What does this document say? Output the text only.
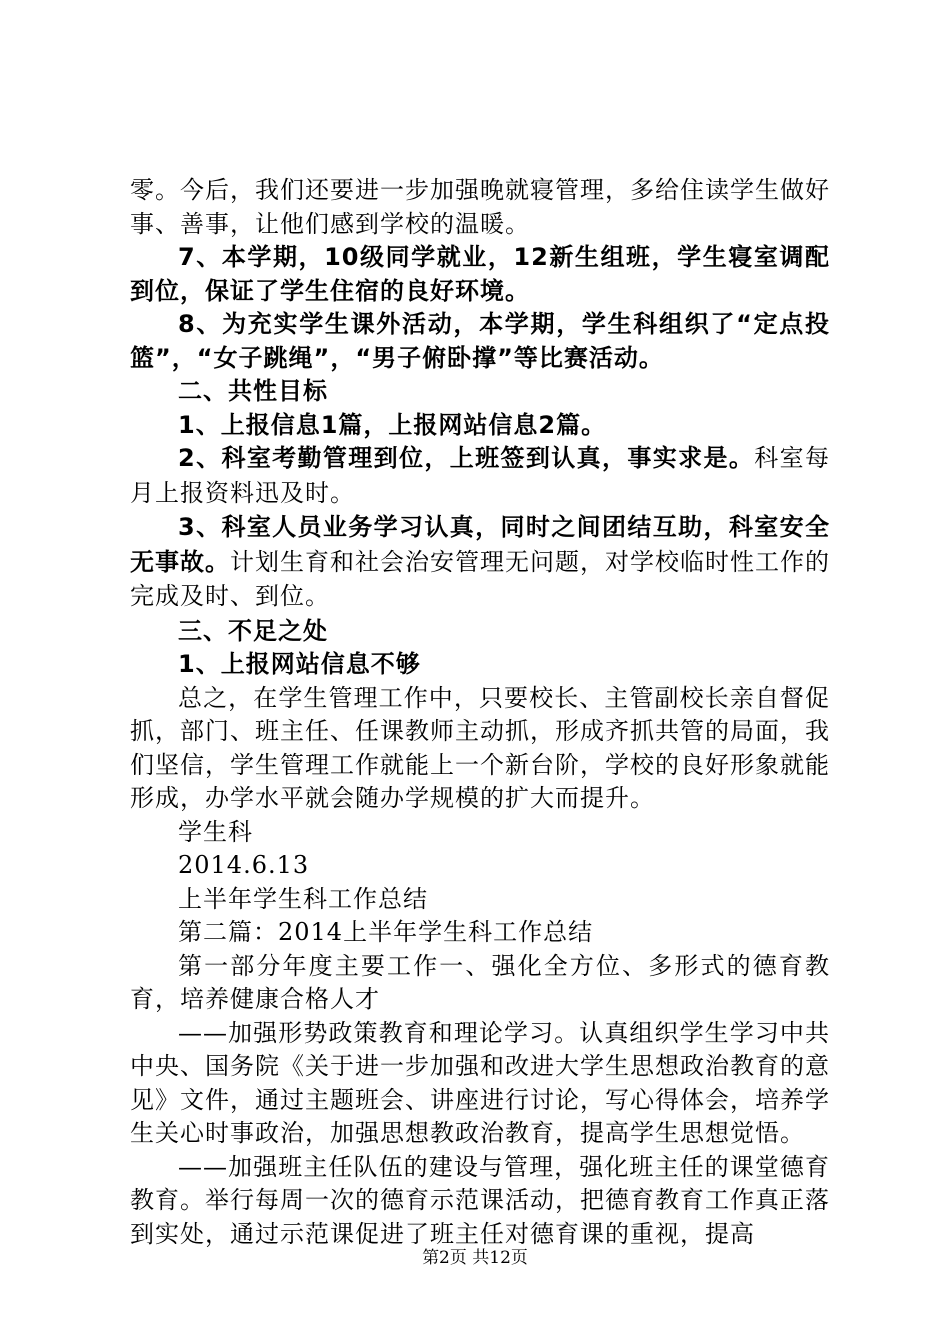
零。今后，我们还要进一步加强晚就寝管理，多给住读学生做好事、善事，让他们感到学校的温暖。

7、本学期，10级同学就业，12新生组班，学生寝室调配到位，保证了学生住宿的良好环境。

8、为充实学生课外活动，本学期，学生科组织了“定点投篮”，“女子跳绳”，“男子俯卧撑”等比赛活动。

二、共性目标

1、上报信息1篇，上报网站信息2篇。

2、科室考勤管理到位，上班签到认真，事实求是。科室每月上报资料迅及时。

3、科室人员业务学习认真，同时之间团结互助，科室安全无事故。计划生育和社会治安管理无问题，对学校临时性工作的完成及时、到位。

三、不足之处

1、上报网站信息不够

总之，在学生管理工作中，只要校长、主管副校长亲自督促抓，部门、班主任、任课教师主动抓，形成齐抓共管的局面，我们坚信，学生管理工作就能上一个新台阶，学校的良好形象就能形成，办学水平就会随办学规模的扩大而提升。

学生科

2014.6.13

上半年学生科工作总结

第二篇：2014上半年学生科工作总结

第一部分年度主要工作一、强化全方位、多形式的德育教育，培养健康合格人才

——加强形势政策教育和理论学习。认真组织学生学习中共中央、国务院《关于进一步加强和改进大学生思想政治教育的意见》文件，通过主题班会、讲座进行讨论，写心得体会，培养学生关心时事政治，加强思想教政治教育，提高学生思想觉悟。

——加强班主任队伍的建设与管理，强化班主任的课堂德育教育。举行每周一次的德育示范课活动，把德育教育工作真正落到实处，通过示范课促进了班主任对德育课的重视，提高

第2页 共12页
